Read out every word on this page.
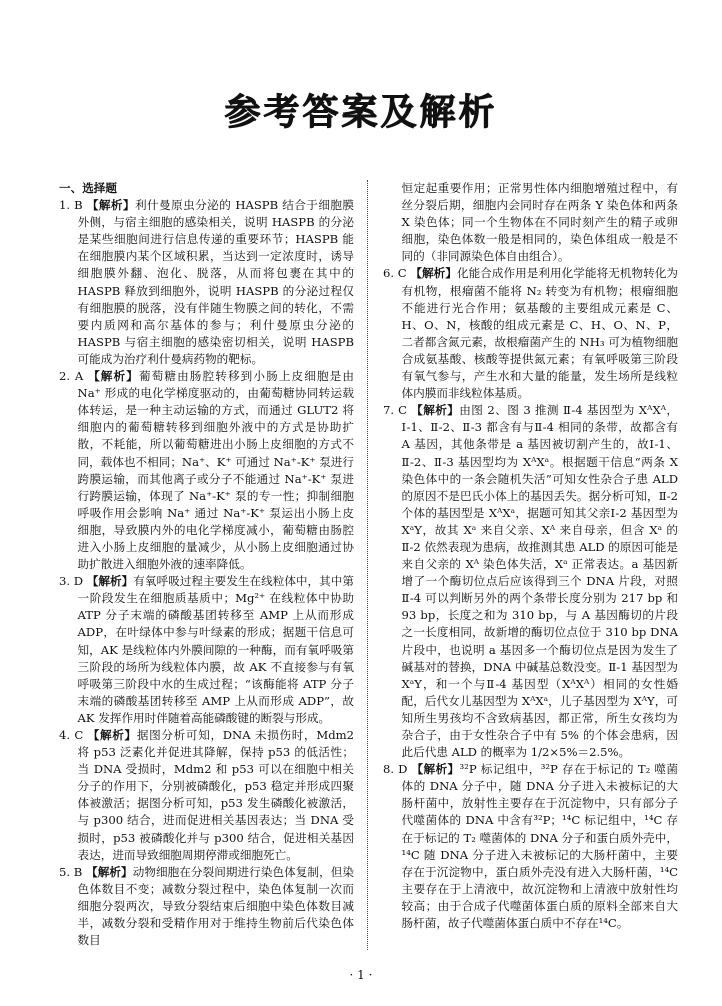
参考答案及解析

一、选择题

1. B 【解析】利什曼原虫分泌的 HASPB 结合于细胞膜外侧，与宿主细胞的感染相关，说明 HASPB 的分泌是某些细胞间进行信息传递的重要环节；HASPB 能在细胞膜内某个区域积累，当达到一定浓度时，诱导细胞膜外翻、泡化、脱落，从而将包裹在其中的 HASPB 释放到细胞外，说明 HASPB 的分泌过程仅有细胞膜的脱落，没有伴随生物膜之间的转化，不需要内质网和高尔基体的参与；利什曼原虫分泌的 HASPB 与宿主细胞的感染密切相关，说明 HASPB 可能成为治疗利什曼病药物的靶标。

2. A 【解析】葡萄糖由肠腔转移到小肠上皮细胞是由 Na⁺ 形成的电化学梯度驱动的，由葡萄糖协同转运载体转运，是一种主动运输的方式，而通过 GLUT2 将细胞内的葡萄糖转移到细胞外液中的方式是协助扩散，不耗能，所以葡萄糖进出小肠上皮细胞的方式不同，载体也不相同；Na⁺、K⁺ 可通过 Na⁺-K⁺ 泵进行跨膜运输，而其他离子或分子不能通过 Na⁺-K⁺ 泵进行跨膜运输，体现了 Na⁺-K⁺ 泵的专一性；抑制细胞呼吸作用会影响 Na⁺ 通过 Na⁺-K⁺ 泵运出小肠上皮细胞，导致膜内外的电化学梯度减小，葡萄糖由肠腔进入小肠上皮细胞的量减少，从小肠上皮细胞通过协助扩散进入细胞外液的速率降低。

3. D 【解析】有氧呼吸过程主要发生在线粒体中，其中第一阶段发生在细胞质基质中；Mg²⁺ 在线粒体中协助 ATP 分子末端的磷酸基团转移至 AMP 上从而形成 ADP，在叶绿体中参与叶绿素的形成；据题干信息可知，AK 是线粒体内外膜间隙的一种酶，而有氧呼吸第三阶段的场所为线粒体内膜，故 AK 不直接参与有氧呼吸第三阶段中水的生成过程；“该酶能将 ATP 分子末端的磷酸基团转移至 AMP 上从而形成 ADP”，故 AK 发挥作用时伴随着高能磷酸键的断裂与形成。

4. C 【解析】据图分析可知，DNA 未损伤时，Mdm2 将 p53 泛素化并促进其降解，保持 p53 的低活性；当 DNA 受损时，Mdm2 和 p53 可以在细胞中相关分子的作用下，分别被磷酸化，p53 稳定并形成四聚体被激活；据图分析可知，p53 发生磷酸化被激活，与 p300 结合，进而促进相关基因表达；当 DNA 受损时，p53 被磷酸化并与 p300 结合，促进相关基因表达，进而导致细胞周期停滞或细胞死亡。

5. B 【解析】动物细胞在分裂间期进行染色体复制，但染色体数目不变；减数分裂过程中，染色体复制一次而细胞分裂两次，导致分裂结束后细胞中染色体数目减半，减数分裂和受精作用对于维持生物前后代染色体数目

恒定起重要作用；正常男性体内细胞增殖过程中，有丝分裂后期，细胞内会同时存在两条 Y 染色体和两条 X 染色体；同一个生物体在不同时刻产生的精子或卵细胞，染色体数一般是相同的，染色体组成一般是不同的（非同源染色体自由组合）。

6. C 【解析】化能合成作用是利用化学能将无机物转化为有机物，根瘤菌不能将 N₂ 转变为有机物；根瘤细胞不能进行光合作用；氨基酸的主要组成元素是 C、H、O、N，核酸的组成元素是 C、H、O、N、P，二者都含氮元素，故根瘤菌产生的 NH₃ 可为植物细胞合成氨基酸、核酸等提供氮元素；有氧呼吸第三阶段有氧气参与，产生水和大量的能量，发生场所是线粒体内膜而非线粒体基质。

7. C 【解析】由图 2、图 3 推测 Ⅱ-4 基因型为 XᴬXᴬ，Ⅰ-1、Ⅱ-2、Ⅱ-3 都含有与Ⅱ-4 相同的条带，故都含有 A 基因，其他条带是 a 基因被切割产生的，故Ⅰ-1、Ⅱ-2、Ⅱ-3 基因型均为 XᴬXᵃ。根据题干信息“两条 X 染色体中的一条会随机失活”可知女性杂合子患 ALD 的原因不是巴氏小体上的基因丢失。据分析可知，Ⅱ-2 个体的基因型是 XᴬXᵃ，据题可知其父亲Ⅰ-2 基因型为 XᵃY，故其 Xᵃ 来自父亲、Xᴬ 来自母亲，但含 Xᵃ 的Ⅱ-2 依然表现为患病，故推测其患 ALD 的原因可能是来自父亲的 Xᴬ 染色体失活，Xᵃ 正常表达。a 基因新增了一个酶切位点后应该得到三个 DNA 片段，对照Ⅱ-4 可以判断另外的两个条带长度分别为 217 bp 和 93 bp，长度之和为 310 bp，与 A 基因酶切的片段之一长度相同，故新增的酶切位点位于 310 bp DNA 片段中，也说明 a 基因多一个酶切位点是因为发生了碱基对的替换，DNA 中碱基总数没变。Ⅱ-1 基因型为 XᵃY，和一个与Ⅱ-4 基因型（XᴬXᴬ）相同的女性婚配，后代女儿基因型为 XᴬXᵃ，儿子基因型为 XᴬY，可知所生男孩均不含致病基因，都正常，所生女孩均为杂合子，由于女性杂合子中有 5% 的个体会患病，因此后代患 ALD 的概率为 1/2×5%＝2.5%。

8. D 【解析】³²P 标记组中，³²P 存在于标记的 T₂ 噬菌体的 DNA 分子中，随 DNA 分子进入未被标记的大肠杆菌中，放射性主要存在于沉淀物中，只有部分子代噬菌体的 DNA 中含有³²P；¹⁴C 标记组中，¹⁴C 存在于标记的 T₂ 噬菌体的 DNA 分子和蛋白质外壳中，¹⁴C 随 DNA 分子进入未被标记的大肠杆菌中，主要存在于沉淀物中，蛋白质外壳没有进入大肠杆菌，¹⁴C 主要存在于上清液中，故沉淀物和上清液中放射性均较高；由于合成子代噬菌体蛋白质的原料全部来自大肠杆菌，故子代噬菌体蛋白质中不存在¹⁴C。

· 1 ·
